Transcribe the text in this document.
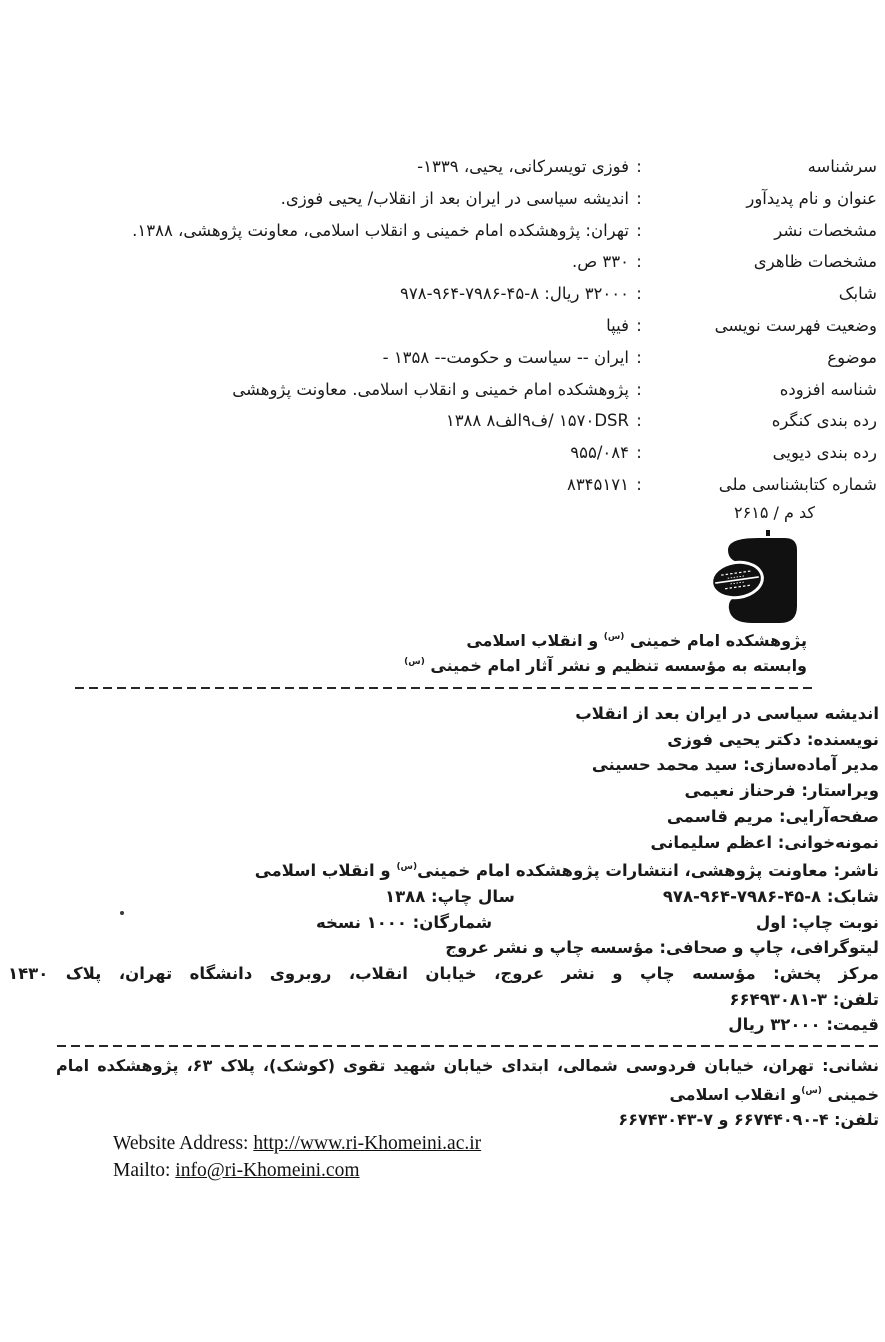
سرشناسه
:
فوزی تویسرکانی، یحیی، ۱۳۳۹-
عنوان و نام پدیدآور
:
اندیشه سیاسی در ایران بعد از انقلاب/ یحیی فوزی.
مشخصات نشر
:
تهران: پژوهشکده امام خمینی و انقلاب اسلامی، معاونت پژوهشی، ۱۳۸۸.
مشخصات ظاهری
:
۳۳۰ ص.
شابک
:
۳۲۰۰۰ ریال: ‎۹۷۸-۹۶۴-۷۹۸۶-۴۵-۸
وضعیت فهرست نویسی
:
فیپا
موضوع
:
ایران -- سیاست و حکومت-- ۱۳۵۸ -
شناسه افزوده
:
پژوهشکده امام خمینی و انقلاب اسلامی. معاونت پژوهشی
رده بندی کنگره
:
۱۵۷۰DSR ‏/ف۹الف۸ ۱۳۸۸
رده بندی دیویی
:
۹۵۵/۰۸۴
شماره کتابشناسی ملی
:
۸۳۴۵۱۷۱
کد م / ۲۶۱۵
پژوهشکده امام خمینی $^{(س)}$ و انقلاب اسلامی
وابسته به مؤسسه تنظیم و نشر آثار امام خمینی $^{(س)}$
اندیشه سیاسی در ایران بعد از انقلاب
نویسنده: دکتر یحیی فوزی
مدیر آماده‌سازی: سید محمد حسینی
ویراستار: فرحناز نعیمی
صفحه‌آرایی: مریم قاسمی
نمونه‌خوانی: اعظم سلیمانی
ناشر: معاونت پژوهشی، انتشارات پژوهشکده امام خمینی$^{(س)}$ و انقلاب اسلامی
شابک: ‎۹۷۸-۹۶۴-۷۹۸۶-۴۵-۸
سال چاپ: ۱۳۸۸
نوبت چاپ: اول
شمارگان: ۱۰۰۰ نسخه
لیتوگرافی، چاپ و صحافی: مؤسسه چاپ و نشر عروج
مرکز پخش: مؤسسه چاپ و نشر عروج، خیابان انقلاب، روبروی دانشگاه تهران، پلاک ۱۴۳۰
تلفن: ۳-۶۶۴۹۳۰۸۱
قیمت: ۳۲۰۰۰ ریال
نشانی: تهران، خیابان فردوسی شمالی، ابتدای خیابان شهید تقوی (کوشک)، پلاک ۶۳، پژوهشکده امام خمینی $^{(س)}$و انقلاب اسلامی
تلفن: ۴-۶۶۷۴۴۰۹۰ و ۷-۶۶۷۴۳۰۴۳
Website Address: http://www.ri-Khomeini.ac.ir
Mailto: info@ri-Khomeini.com
